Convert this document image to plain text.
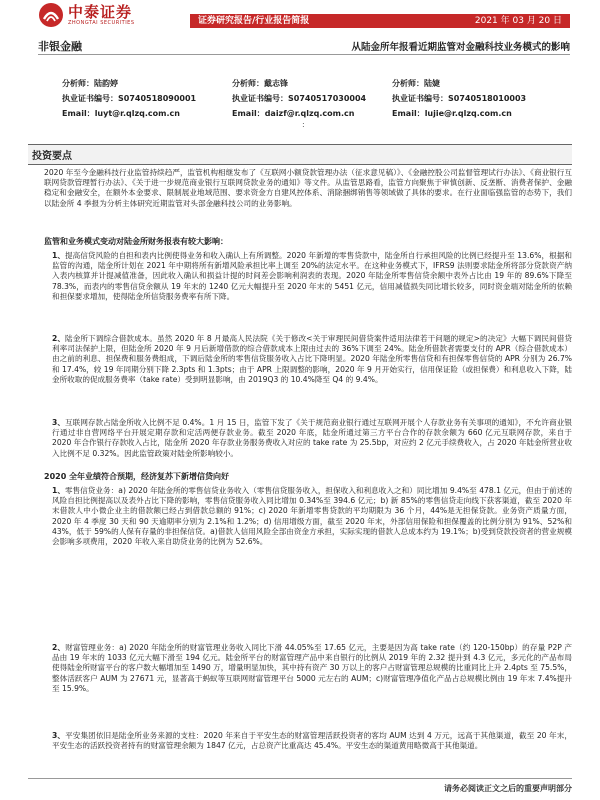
中泰证券
ZHONGTAI SECURITIES	证券研究报告/行业报告简报	2021 年 03 月 20 日
非银金融	从陆金所年报看近期监管对金融科技业务模式的影响
分析师：陆韵婷
执业证书编号：S0740518090001
Email：luyt@r.qlzq.com.cn
分析师：戴志锋
执业证书编号：S0740517030004
Email：daizf@r.qlzq.com.cn
分析师：陆婕
执业证书编号：S0740518010003
Email：lujie@r.qlzq.com.cn
:
投资要点
2020 年至今金融科技行业监管持续趋严，监管机构相继发布了《互联网小额贷款管理办法（征求意见稿）》、《金融控股公司监督管理试行办法》、《商业银行互联网贷款管理暂行办法》、《关于进一步规范商业银行互联网贷款业务的通知》等文件。从监管思路看，监管方向聚焦于审慎创新、反垄断、消费者保护、金融稳定和金融安全，在额外本金要求、限制展业地域范围、要求资金方自建风控体系、消除捆绑销售等领域做了具体的要求。在行业面临强监管的态势下，我们以陆金所 4 季报为分析主体研究近期监管对头部金融科技公司的业务影响。
监管和业务模式变动对陆金所财务报表有较大影响：
1、提高信贷风险的自担和表内比例使得业务和收入确认上有所调整。2020 年新增的零售贷款中，陆金所自行承担风险的比例已经提升至 13.6%，根据和监管的沟通，陆金所计划在 2021 年中期将所有新增风险承担比率上调至 20%的法定水平。在这种业务模式下，IFRS9 法则要求陆金所将部分贷款资产纳入表内核算并计提减值准备，因此收入确认和损益计提的时间差会影响利润表的表现。2020 年陆金所零售信贷余额中表外占比由 19 年的 89.6%下降至 78.3%，而表内的零售信贷余额从 19 年末的 1240 亿元大幅提升至 2020 年末的 5451 亿元，信用减值损失同比增长较多，同时资金端对陆金所的依赖和担保要求增加，使得陆金所信贷服务费率有所下降。
2、陆金所下调综合借款成本。虽然 2020 年 8 月最高人民法院《关于修改<关于审理民间借贷案件适用法律若干问题的规定>的决定》大幅下调民间借贷利率司法保护上限，但陆金所 2020 年 9 月后新增借款的综合借款成本上限由过去的 36%下调至 24%。陆金所借款者需要支付的 APR（综合借款成本）由之前的利息、担保费和服务费组成，下调后陆金所的零售信贷服务收入占比下降明显。2020 年陆金所零售信贷和有担保零售信贷的 APR 分别为 26.7%和 17.4%，较 19 年同期分别下降 2.3pts 和 1.3pts；由于 APR 上限调整的影响，2020 年 9 月开始实行，信用保证险（或担保费）和利息收入下降，陆金所收取的促成服务费率（take rate）受到明显影响，由 2019Q3 的 10.4%降至 Q4 的 9.4%。
3、互联网存款占陆金所收入比例不足 0.4%。1 月 15 日，监管下发了《关于规范商业银行通过互联网开展个人存款业务有关事项的通知》，不允许商业银行通过非自营网络平台开展定期存款和定活两便存款业务。截至 2020 年底，陆金所通过第三方平台合作的存款余额为 660 亿元互联网存款，来自于 2020 年合作银行存款收入占比，陆金所 2020 年存款业务服务费收入对应的 take rate 为 25.5bp，对应约 2 亿元手续费收入，占 2020 年陆金所营业收入比例不足 0.32%。因此监管政策对陆金所影响较小。
2020 全年业绩符合预期，经济复苏下新增信贷向好
1、零售信贷业务：a) 2020 年陆金所的零售信贷业务收入（零售信贷服务收入，担保收入和利息收入之和）同比增加 9.4%至 478.1 亿元，但由于前述的风险自担比例提高以及表外占比下降的影响，零售信贷服务收入同比增加 0.34%至 394.6 亿元；b) 新 85%的零售信贷走向线下获客渠道，截至 2020 年末借款人中小微企业主的借款额已经占到借款总额的 91%；c) 2020 年新增零售贷款的平均期限为 36 个月，44%是无担保贷款。业务资产质量方面，2020 年 4 季度 30 天和 90 天逾期率分别为 2.1%和 1.2%；d) 信用增级方面，截至 2020 年末，外部信用保险和担保覆盖的比例分别为 91%、52%和 43%，低于 59%的人保有存量的非担保信贷。a)借款人信用风险全部由资金方承担，实际实现的借款人总成本约为 19.1%；b)受到贷款投资者的营业规模会影响多项费用，2020 年收入来自助贷业务的比例为 52.6%。
2、财富管理业务：a) 2020 年陆金所的财富管理业务收入同比下滑 44.05%至 17.65 亿元，主要是因为高 take rate（约 120-150bp）的存量 P2P 产品由 19 年末的 1033 亿元大幅下滑至 194 亿元。陆金所平台的财富管理产品中来自银行的比例从 2019 年的 2.32 提升到 4.3 亿元，多元化的产品布局使得陆金所财富平台的客户数大幅增加至 1490 万，增量明显加快，其中持有资产 30 万以上的客户占财富管理总规模的比重同比上升 2.4pts 至 75.5%，整体活跃客户 AUM 为 27671 元，显著高于蚂蚁等互联网财富管理平台 5000 元左右的 AUM；c)财富管理净值化产品占总规模比例由 19 年末 7.4%提升至 15.9%。
3、平安集团依旧是陆金所业务来源的支柱：2020 年来自于平安生态的财富管理活跃投资者的客均 AUM 达到 4 万元，远高于其他渠道，截至 20 年末，平安生态的活跃投资者持有的财富管理余额为 1847 亿元，占总资产比重高达 45.4%。平安生态的渠道黄用略微高于其他渠道。
请务必阅读正文之后的重要声明部分
